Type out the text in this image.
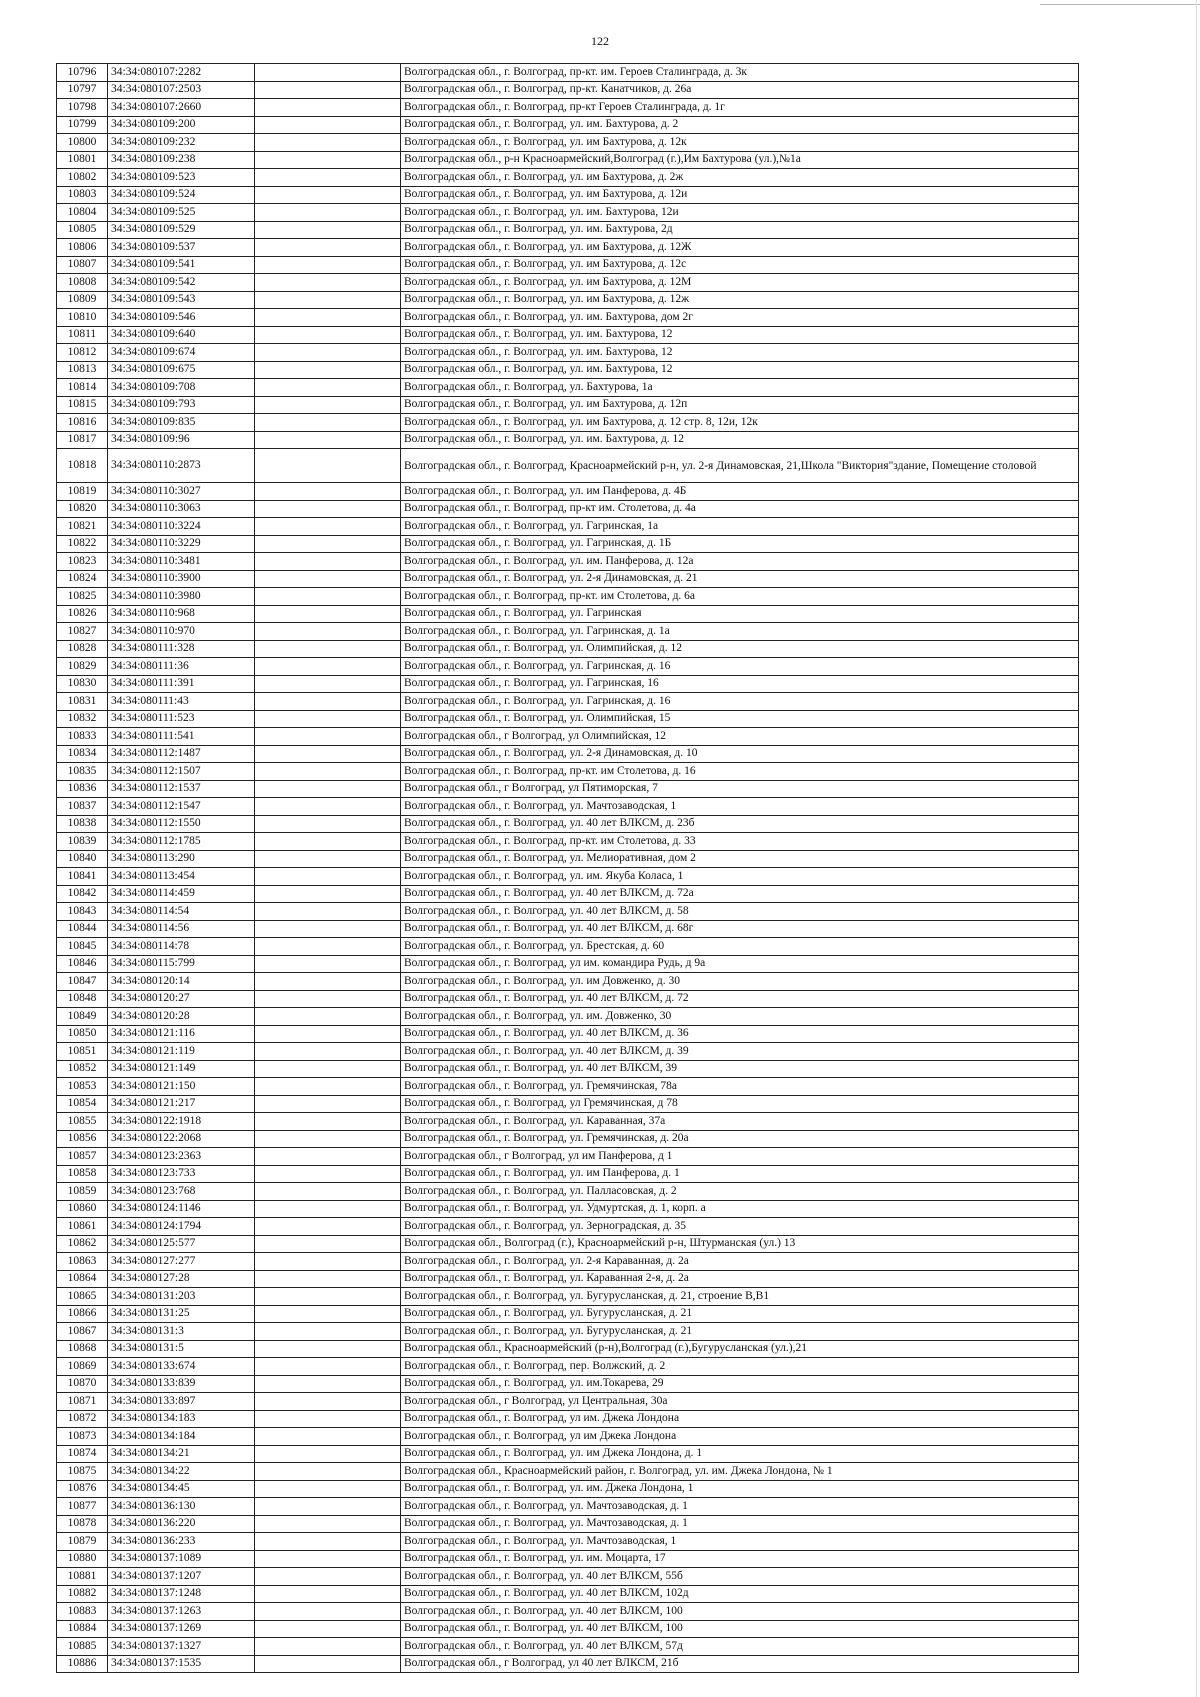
122
10796	34:34:080107:2282		Волгоградская обл., г. Волгоград, пр-кт. им. Героев Сталинграда, д. 3к
10797	34:34:080107:2503		Волгоградская обл., г. Волгоград, пр-кт. Канатчиков, д. 26а
10798	34:34:080107:2660		Волгоградская обл., г. Волгоград, пр-кт Героев Сталинграда, д. 1г
10799	34:34:080109:200		Волгоградская обл., г. Волгоград, ул. им. Бахтурова, д. 2
10800	34:34:080109:232		Волгоградская обл., г. Волгоград, ул. им Бахтурова, д. 12к
10801	34:34:080109:238		Волгоградская обл., р-н Красноармейский,Волгоград (г.),Им Бахтурова (ул.),№1а
10802	34:34:080109:523		Волгоградская обл., г. Волгоград, ул. им Бахтурова, д. 2ж
10803	34:34:080109:524		Волгоградская обл., г. Волгоград, ул. им Бахтурова, д. 12и
10804	34:34:080109:525		Волгоградская обл., г. Волгоград, ул. им. Бахтурова, 12и
10805	34:34:080109:529		Волгоградская обл., г. Волгоград, ул. им. Бахтурова, 2д
10806	34:34:080109:537		Волгоградская обл., г. Волгоград, ул. им Бахтурова, д. 12Ж
10807	34:34:080109:541		Волгоградская обл., г. Волгоград, ул. им Бахтурова, д. 12с
10808	34:34:080109:542		Волгоградская обл., г. Волгоград, ул. им Бахтурова, д. 12М
10809	34:34:080109:543		Волгоградская обл., г. Волгоград, ул. им Бахтурова, д. 12ж
10810	34:34:080109:546		Волгоградская обл., г. Волгоград, ул. им. Бахтурова, дом 2г
10811	34:34:080109:640		Волгоградская обл., г. Волгоград, ул. им. Бахтурова, 12
10812	34:34:080109:674		Волгоградская обл., г. Волгоград, ул. им. Бахтурова, 12
10813	34:34:080109:675		Волгоградская обл., г. Волгоград, ул. им. Бахтурова, 12
10814	34:34:080109:708		Волгоградская обл., г. Волгоград, ул. Бахтурова, 1а
10815	34:34:080109:793		Волгоградская обл., г. Волгоград, ул. им Бахтурова, д. 12п
10816	34:34:080109:835		Волгоградская обл., г. Волгоград, ул. им Бахтурова, д. 12 стр. 8, 12и, 12к
10817	34:34:080109:96		Волгоградская обл., г. Волгоград, ул. им. Бахтурова, д. 12
10818	34:34:080110:2873		Волгоградская обл., г. Волгоград, Красноармейский р-н, ул. 2-я Динамовская, 21,Школа "Виктория"здание, Помещение столовой
10819	34:34:080110:3027		Волгоградская обл., г. Волгоград, ул. им Панферова, д. 4Б
10820	34:34:080110:3063		Волгоградская обл., г. Волгоград, пр-кт им. Столетова, д. 4а
10821	34:34:080110:3224		Волгоградская обл., г. Волгоград, ул. Гагринская, 1а
10822	34:34:080110:3229		Волгоградская обл., г. Волгоград, ул. Гагринская, д. 1Б
10823	34:34:080110:3481		Волгоградская обл., г. Волгоград, ул. им. Панферова, д. 12а
10824	34:34:080110:3900		Волгоградская обл., г. Волгоград, ул. 2-я Динамовская, д. 21
10825	34:34:080110:3980		Волгоградская обл., г. Волгоград, пр-кт. им Столетова, д. 6а
10826	34:34:080110:968		Волгоградская обл., г. Волгоград, ул. Гагринская
10827	34:34:080110:970		Волгоградская обл., г. Волгоград, ул. Гагринская, д. 1а
10828	34:34:080111:328		Волгоградская обл., г. Волгоград, ул. Олимпийская, д. 12
10829	34:34:080111:36		Волгоградская обл., г. Волгоград, ул. Гагринская, д. 16
10830	34:34:080111:391		Волгоградская обл., г. Волгоград, ул. Гагринская, 16
10831	34:34:080111:43		Волгоградская обл., г. Волгоград, ул. Гагринская, д. 16
10832	34:34:080111:523		Волгоградская обл., г. Волгоград, ул. Олимпийская, 15
10833	34:34:080111:541		Волгоградская обл., г Волгоград, ул Олимпийская, 12
10834	34:34:080112:1487		Волгоградская обл., г. Волгоград, ул. 2-я Динамовская, д. 10
10835	34:34:080112:1507		Волгоградская обл., г. Волгоград, пр-кт. им Столетова, д. 16
10836	34:34:080112:1537		Волгоградская обл., г Волгоград, ул Пятиморская, 7
10837	34:34:080112:1547		Волгоградская обл., г. Волгоград, ул. Мачтозаводская, 1
10838	34:34:080112:1550		Волгоградская обл., г. Волгоград, ул. 40 лет ВЛКСМ, д. 23б
10839	34:34:080112:1785		Волгоградская обл., г. Волгоград, пр-кт. им Столетова, д. 33
10840	34:34:080113:290		Волгоградская обл., г. Волгоград, ул. Мелиоративная, дом 2
10841	34:34:080113:454		Волгоградская обл., г. Волгоград, ул. им. Якуба Коласа, 1
10842	34:34:080114:459		Волгоградская обл., г. Волгоград, ул. 40 лет ВЛКСМ, д. 72а
10843	34:34:080114:54		Волгоградская обл., г. Волгоград, ул. 40 лет ВЛКСМ, д. 58
10844	34:34:080114:56		Волгоградская обл., г. Волгоград, ул. 40 лет ВЛКСМ, д. 68г
10845	34:34:080114:78		Волгоградская обл., г. Волгоград, ул. Брестская, д. 60
10846	34:34:080115:799		Волгоградская обл., г. Волгоград, ул им. командира Рудь, д 9а
10847	34:34:080120:14		Волгоградская обл., г. Волгоград, ул. им Довженко, д. 30
10848	34:34:080120:27		Волгоградская обл., г. Волгоград, ул. 40 лет ВЛКСМ, д. 72
10849	34:34:080120:28		Волгоградская обл., г. Волгоград, ул. им. Довженко, 30
10850	34:34:080121:116		Волгоградская обл., г. Волгоград, ул. 40 лет ВЛКСМ, д. 36
10851	34:34:080121:119		Волгоградская обл., г. Волгоград, ул. 40 лет ВЛКСМ, д. 39
10852	34:34:080121:149		Волгоградская обл., г. Волгоград, ул. 40 лет ВЛКСМ, 39
10853	34:34:080121:150		Волгоградская обл., г. Волгоград, ул. Гремячинская, 78а
10854	34:34:080121:217		Волгоградская обл., г. Волгоград, ул Гремячинская, д 78
10855	34:34:080122:1918		Волгоградская обл., г. Волгоград, ул. Караванная, 37а
10856	34:34:080122:2068		Волгоградская обл., г. Волгоград, ул. Гремячинская, д. 20а
10857	34:34:080123:2363		Волгоградская обл., г Волгоград, ул им Панферова, д 1
10858	34:34:080123:733		Волгоградская обл., г. Волгоград, ул. им Панферова, д. 1
10859	34:34:080123:768		Волгоградская обл., г. Волгоград, ул. Палласовская, д. 2
10860	34:34:080124:1146		Волгоградская обл., г. Волгоград, ул. Удмуртская, д. 1, корп. а
10861	34:34:080124:1794		Волгоградская обл., г. Волгоград, ул. Зерноградская, д. 35
10862	34:34:080125:577		Волгоградская обл., Волгоград (г.), Красноармейский р-н, Штурманская (ул.) 13
10863	34:34:080127:277		Волгоградская обл., г. Волгоград, ул. 2-я Караванная, д. 2а
10864	34:34:080127:28		Волгоградская обл., г. Волгоград, ул. Караванная 2-я, д. 2а
10865	34:34:080131:203		Волгоградская обл., г. Волгоград, ул. Бугурусланская, д. 21, строение В,В1
10866	34:34:080131:25		Волгоградская обл., г. Волгоград, ул. Бугурусланская, д. 21
10867	34:34:080131:3		Волгоградская обл., г. Волгоград, ул. Бугурусланская, д. 21
10868	34:34:080131:5		Волгоградская обл., Красноармейский (р-н),Волгоград (г.),Бугурусланская (ул.),21
10869	34:34:080133:674		Волгоградская обл., г. Волгоград, пер. Волжский, д. 2
10870	34:34:080133:839		Волгоградская обл., г. Волгоград, ул. им.Токарева, 29
10871	34:34:080133:897		Волгоградская обл., г Волгоград, ул Центральная, 30а
10872	34:34:080134:183		Волгоградская обл., г. Волгоград, ул им. Джека Лондона
10873	34:34:080134:184		Волгоградская обл., г. Волгоград, ул им Джека Лондона
10874	34:34:080134:21		Волгоградская обл., г. Волгоград, ул. им Джека Лондона, д. 1
10875	34:34:080134:22		Волгоградская обл., Красноармейский район, г. Волгоград, ул. им. Джека Лондона, № 1
10876	34:34:080134:45		Волгоградская обл., г. Волгоград, ул. им. Джека Лондона, 1
10877	34:34:080136:130		Волгоградская обл., г. Волгоград, ул. Мачтозаводская, д. 1
10878	34:34:080136:220		Волгоградская обл., г. Волгоград, ул. Мачтозаводская, д. 1
10879	34:34:080136:233		Волгоградская обл., г. Волгоград, ул. Мачтозаводская, 1
10880	34:34:080137:1089		Волгоградская обл., г. Волгоград, ул. им. Моцарта, 17
10881	34:34:080137:1207		Волгоградская обл., г. Волгоград, ул. 40 лет ВЛКСМ, 55б
10882	34:34:080137:1248		Волгоградская обл., г. Волгоград, ул. 40 лет ВЛКСМ, 102д
10883	34:34:080137:1263		Волгоградская обл., г. Волгоград, ул. 40 лет ВЛКСМ, 100
10884	34:34:080137:1269		Волгоградская обл., г. Волгоград, ул. 40 лет ВЛКСМ, 100
10885	34:34:080137:1327		Волгоградская обл., г. Волгоград, ул. 40 лет ВЛКСМ, 57д
10886	34:34:080137:1535		Волгоградская обл., г Волгоград, ул 40 лет ВЛКСМ, 21б
